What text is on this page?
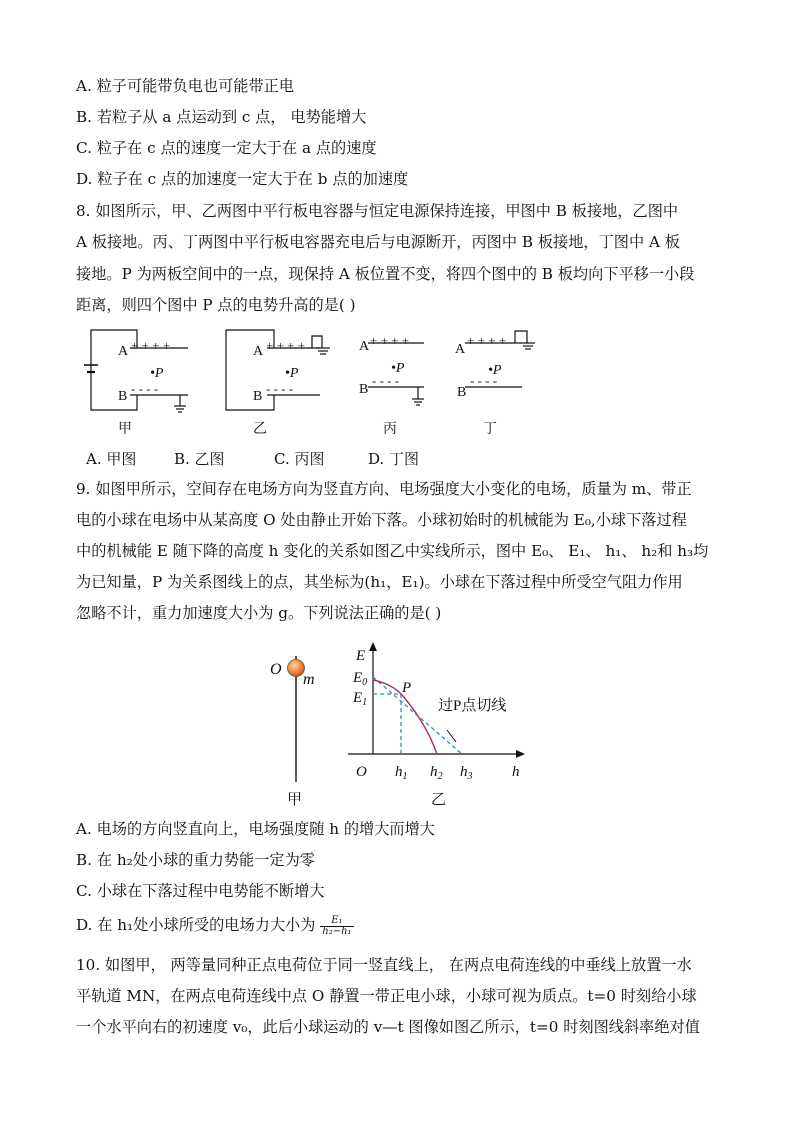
A. 粒子可能带负电也可能带正电
B. 若粒子从 a 点运动到 c 点， 电势能增大
C. 粒子在 c 点的速度一定大于在 a 点的速度
D. 粒子在 c 点的加速度一定大于在 b 点的加速度
8. 如图所示，甲、乙两图中平行板电容器与恒定电源保持连接，甲图中 B 板接地，乙图中
A 板接地。丙、丁两图中平行板电容器充电后与电源断开，丙图中 B 板接地，丁图中 A 板
接地。P 为两板空间中的一点，现保持 A 板位置不变，将四个图中的 B 板均向下平移一小段
距离，则四个图中 P 点的电势升高的是( )
A + + + +
•P
B
- - - -
甲
A + + + +
•P
B
- - - -
乙
A + + + +
•P
B
- - - -
丙
A
+ + + +
•P
B
- - - -
丁
A. 甲图	B. 乙图	C. 丙图	D. 丁图
9. 如图甲所示，空间存在电场方向为竖直方向、电场强度大小变化的电场，质量为 m、带正
电的小球在电场中从某高度 O 处由静止开始下落。小球初始时的机械能为 E₀,小球下落过程
中的机械能 E 随下降的高度 h 变化的关系如图乙中实线所示，图中 E₀、 E₁、 h₁、 h₂和 h₃均
为已知量，P 为关系图线上的点，其坐标为(h₁，E₁)。小球在下落过程中所受空气阻力作用
忽略不计，重力加速度大小为 g。下列说法正确的是( )
O
m
甲
E
$E_0$
$E_1$
P
过P点切线
O $h_1$ $h_2$ $h_3$	h
乙
A. 电场的方向竖直向上，电场强度随 h 的增大而增大
B. 在 h₂处小球的重力势能一定为零
C. 小球在下落过程中电势能不断增大
D. 在 h₁处小球所受的电场力大小为 $\frac{\text{E₁}}{\text{h₂−h₁}}$
10. 如图甲， 两等量同种正点电荷位于同一竖直线上， 在两点电荷连线的中垂线上放置一水
平轨道 MN，在两点电荷连线中点 O 静置一带正电小球，小球可视为质点。t=0 时刻给小球
一个水平向右的初速度 v₀，此后小球运动的 v—t 图像如图乙所示，t=0 时刻图线斜率绝对值
